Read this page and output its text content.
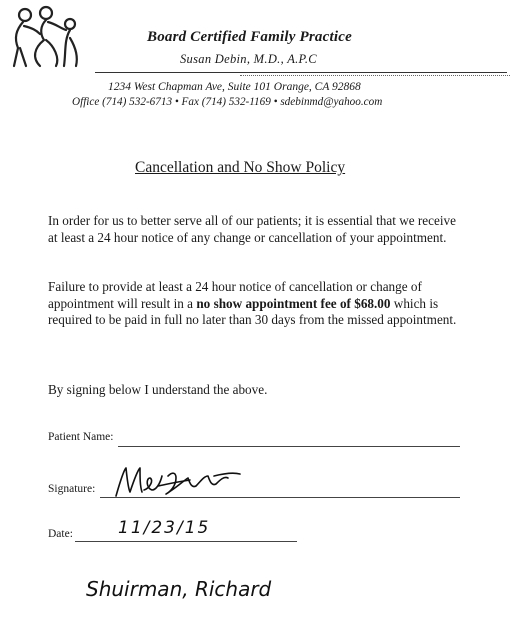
Board Certified Family Practice
Susan Debin, M.D., A.P.C
1234 West Chapman Ave, Suite 101 Orange, CA 92868
Office (714) 532-6713 • Fax (714) 532-1169 • sdebinmd@yahoo.com
Cancellation and No Show Policy
In order for us to better serve all of our patients; it is essential that we receive at least a 24 hour notice of any change or cancellation of your appointment.
Failure to provide at least a 24 hour notice of cancellation or change of appointment will result in a no show appointment fee of $68.00 which is required to be paid in full no later than 30 days from the missed appointment.
By signing below I understand the above.
Patient Name:
Signature:
Date:	11/23/15
Shuirman, Richard
